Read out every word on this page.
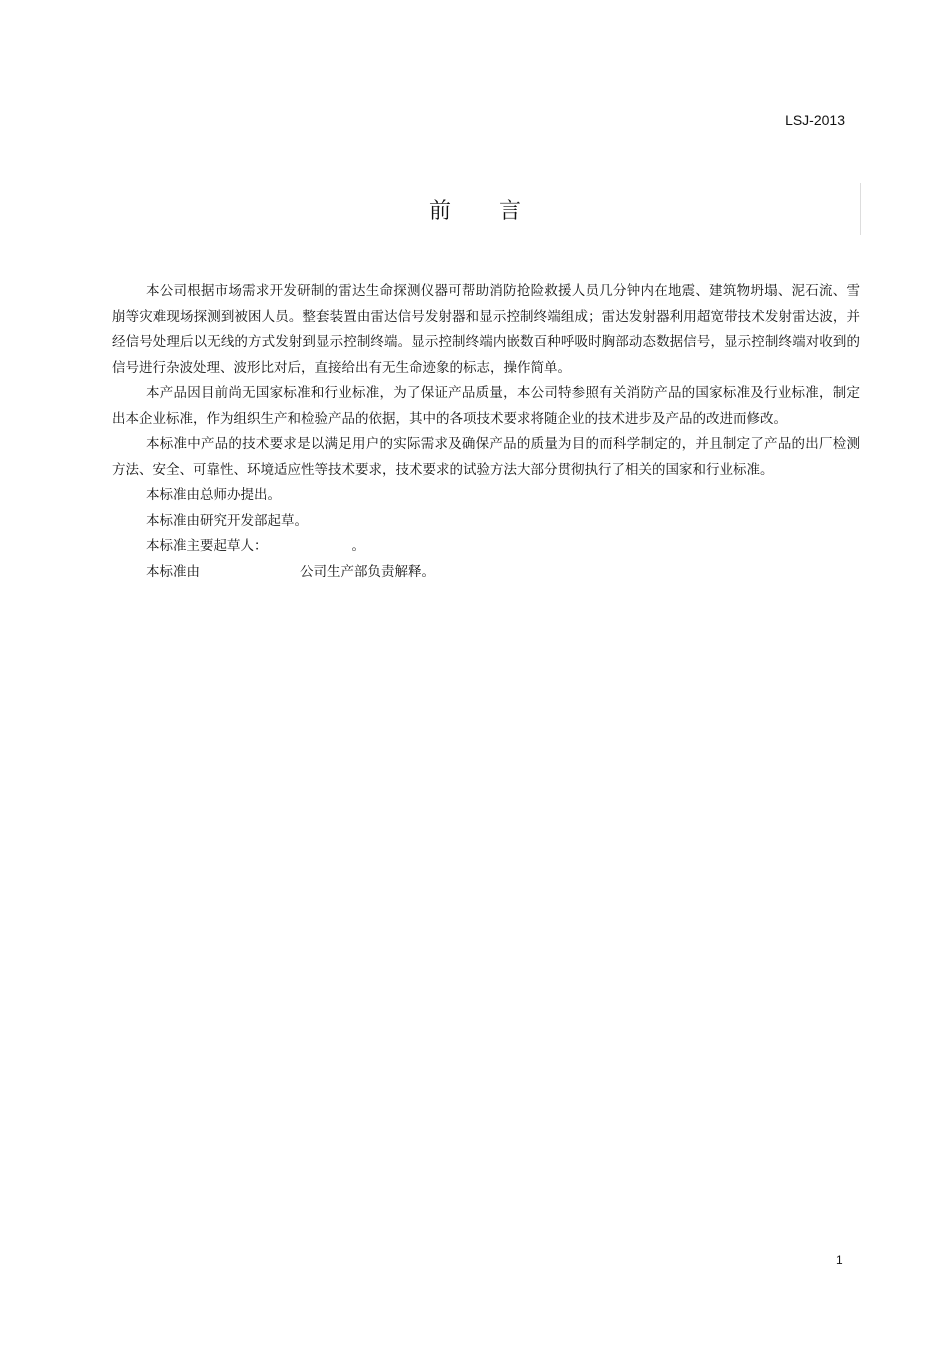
LSJ-2013
前言

本公司根据市场需求开发研制的雷达生命探测仪器可帮助消防抢险救援人员几分钟内在地震、建筑物坍塌、泥石流、雪崩等灾难现场探测到被困人员。整套装置由雷达信号发射器和显示控制终端组成；雷达发射器利用超宽带技术发射雷达波，并经信号处理后以无线的方式发射到显示控制终端。显示控制终端内嵌数百种呼吸时胸部动态数据信号，显示控制终端对收到的信号进行杂波处理、波形比对后，直接给出有无生命迹象的标志，操作简单。

本产品因目前尚无国家标准和行业标准，为了保证产品质量，本公司特参照有关消防产品的国家标准及行业标准，制定出本企业标准，作为组织生产和检验产品的依据，其中的各项技术要求将随企业的技术进步及产品的改进而修改。

本标准中产品的技术要求是以满足用户的实际需求及确保产品的质量为目的而科学制定的，并且制定了产品的出厂检测方法、安全、可靠性、环境适应性等技术要求，技术要求的试验方法大部分贯彻执行了相关的国家和行业标准。

本标准由总师办提出。

本标准由研究开发部起草。

本标准主要起草人：	。

本标准由	公司生产部负责解释。

1
